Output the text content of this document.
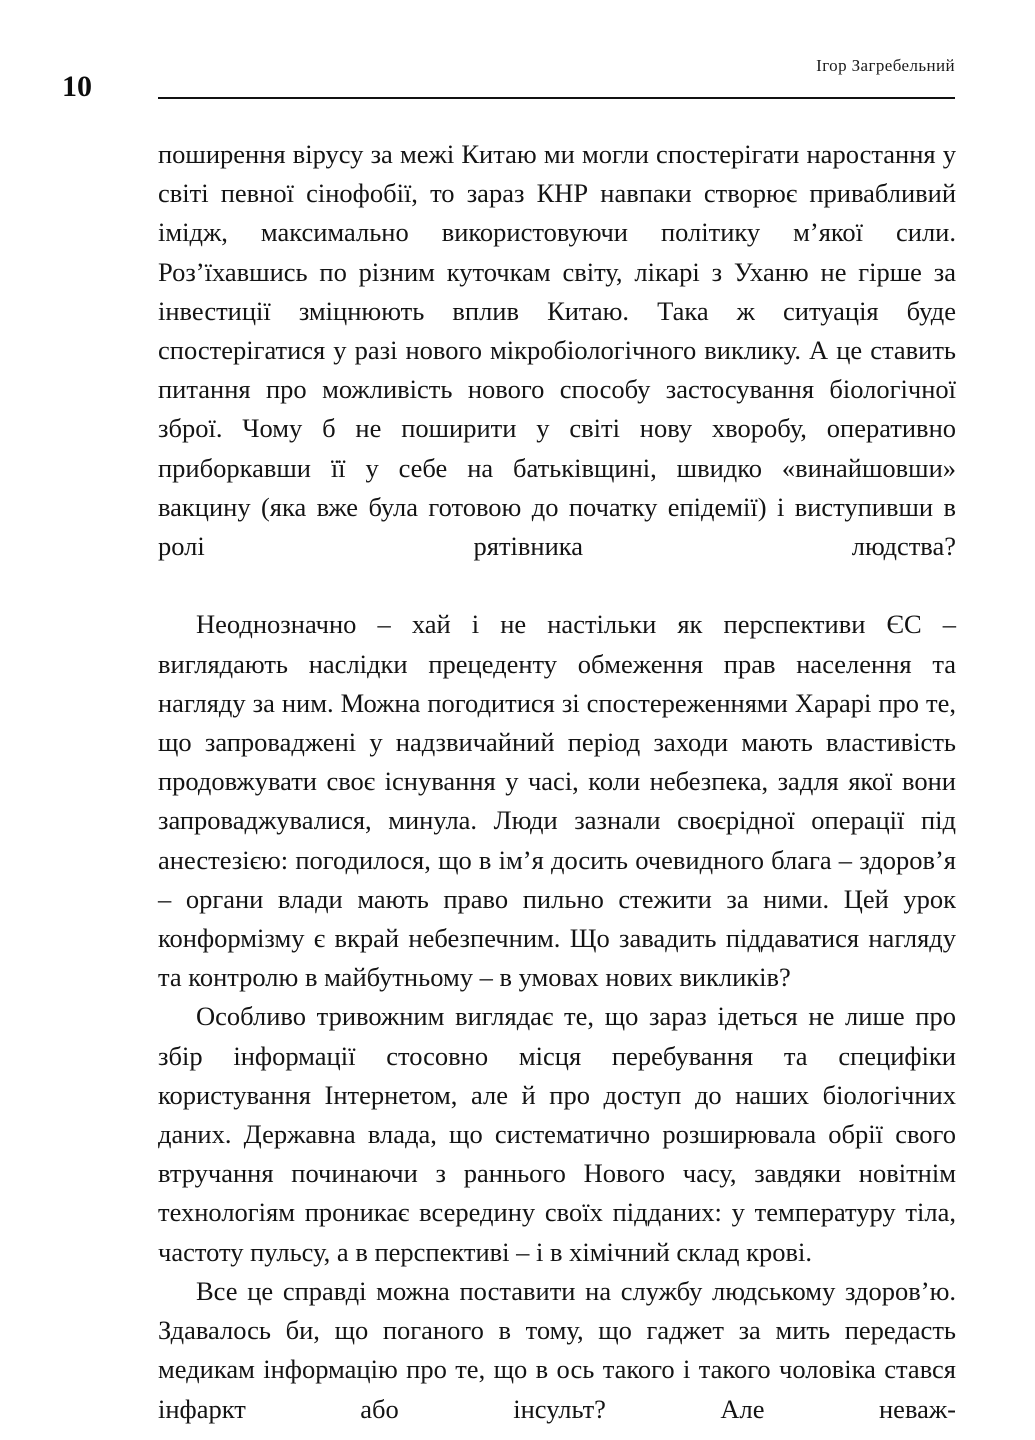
10
Ігор Загребельний

поширення вірусу за межі Китаю ми могли спостерігати наростання у світі певної сінофобії, то зараз КНР навпаки створює привабливий імідж, максимально використовуючи політику м’якої сили. Роз’їхавшись по різним куточкам світу, лікарі з Уханю не гірше за інвестиції зміцнюють вплив Китаю. Така ж ситуація буде спостерігатися у разі нового мікробіологічного виклику. А це ставить питання про можливість нового способу застосування біологічної зброї. Чому б не поширити у світі нову хворобу, оперативно приборкавши її у себе на батьківщині, швидко «винайшовши» вакцину (яка вже була готовою до початку епідемії) і виступивши в ролі рятівника людства?

Неоднозначно – хай і не настільки як перспективи ЄС – виглядають наслідки прецеденту обмеження прав населення та нагляду за ним. Можна погодитися зі спостереженнями Харарі про те, що запроваджені у надзвичайний період заходи мають властивість продовжувати своє існування у часі, коли небезпека, задля якої вони запроваджувалися, минула. Люди зазнали своєрідної операції під анестезією: погодилося, що в ім’я досить очевидного блага – здоров’я – органи влади мають право пильно стежити за ними. Цей урок конформізму є вкрай небезпечним. Що завадить піддаватися нагляду та контролю в майбутньому – в умовах нових викликів?

Особливо тривожним виглядає те, що зараз ідеться не лише про збір інформації стосовно місця перебування та специфіки користування Інтернетом, але й про доступ до наших біологічних даних. Державна влада, що систематично розширювала обрії свого втручання починаючи з раннього Нового часу, завдяки новітнім технологіям проникає всередину своїх підданих: у температуру тіла, частоту пульсу, а в перспективі – і в хімічний склад крові.

Все це справді можна поставити на службу людському здоров’ю. Здавалось би, що поганого в тому, що гаджет за мить передасть медикам інформацію про те, що в ось такого і такого чоловіка стався інфаркт або інсульт? Але неваж-
